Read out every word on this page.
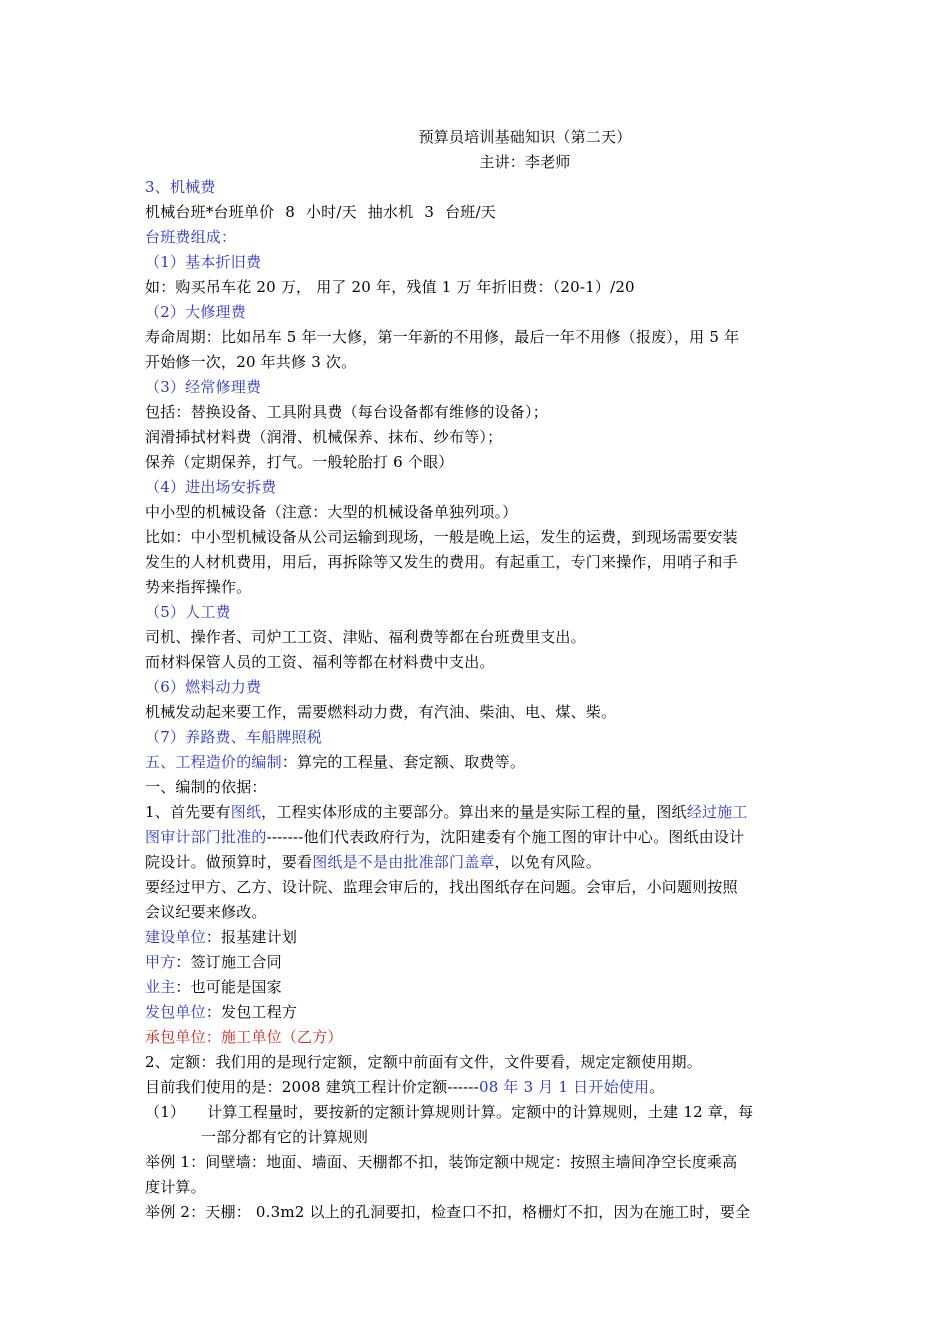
预算员培训基础知识（第二天）
主讲：李老师
3、机械费
机械台班*台班单价 8 小时/天 抽水机 3 台班/天
台班费组成：
（1）基本折旧费
如：购买吊车花 20 万， 用了 20 年，残值 1 万 年折旧费：（20-1）/20
（2）大修理费
寿命周期：比如吊车 5 年一大修，第一年新的不用修，最后一年不用修（报废），用 5 年
开始修一次，20 年共修 3 次。
（3）经常修理费
包括：替换设备、工具附具费（每台设备都有维修的设备）；
润滑揷拭材料费（润滑、机械保养、抹布、纱布等）；
保养（定期保养，打气。一般轮胎打 6 个眼）
（4）进出场安拆费
中小型的机械设备（注意：大型的机械设备单独列项。）
比如：中小型机械设备从公司运输到现场，一般是晚上运，发生的运费，到现场需要安装
发生的人材机费用，用后，再拆除等又发生的费用。有起重工，专门来操作，用哨子和手
势来指挥操作。
（5）人工费
司机、操作者、司炉工工资、津贴、福利费等都在台班费里支出。
而材料保管人员的工资、福利等都在材料费中支出。
（6）燃料动力费
机械发动起来要工作，需要燃料动力费，有汽油、柴油、电、煤、柴。
（7）养路费、车船牌照税
五、工程造价的编制：算完的工程量、套定额、取费等。
一、编制的依据：
1、首先要有图纸，工程实体形成的主要部分。算出来的量是实际工程的量，图纸经过施工
图审计部门批准的-------他们代表政府行为，沈阳建委有个施工图的审计中心。图纸由设计
院设计。做预算时，要看图纸是不是由批准部门盖章，以免有风险。
要经过甲方、乙方、设计院、监理会审后的，找出图纸存在问题。会审后，小问题则按照
会议纪要来修改。
建设单位：报基建计划
甲方：签订施工合同
业主：也可能是国家
发包单位：发包工程方
承包单位：施工单位（乙方）
2、定额：我们用的是现行定额，定额中前面有文件，文件要看，规定定额使用期。
目前我们使用的是：2008 建筑工程计价定额------08 年 3 月 1 日开始使用。
（1） 计算工程量时，要按新的定额计算规则计算。定额中的计算规则，土建 12 章，每
一部分都有它的计算规则
举例 1：间壁墙：地面、墙面、天棚都不扣，装饰定额中规定：按照主墙间净空长度乘高
度计算。
举例 2：天棚： 0.3m2 以上的孔洞要扣，检查口不扣，格栅灯不扣，因为在施工时，要全
